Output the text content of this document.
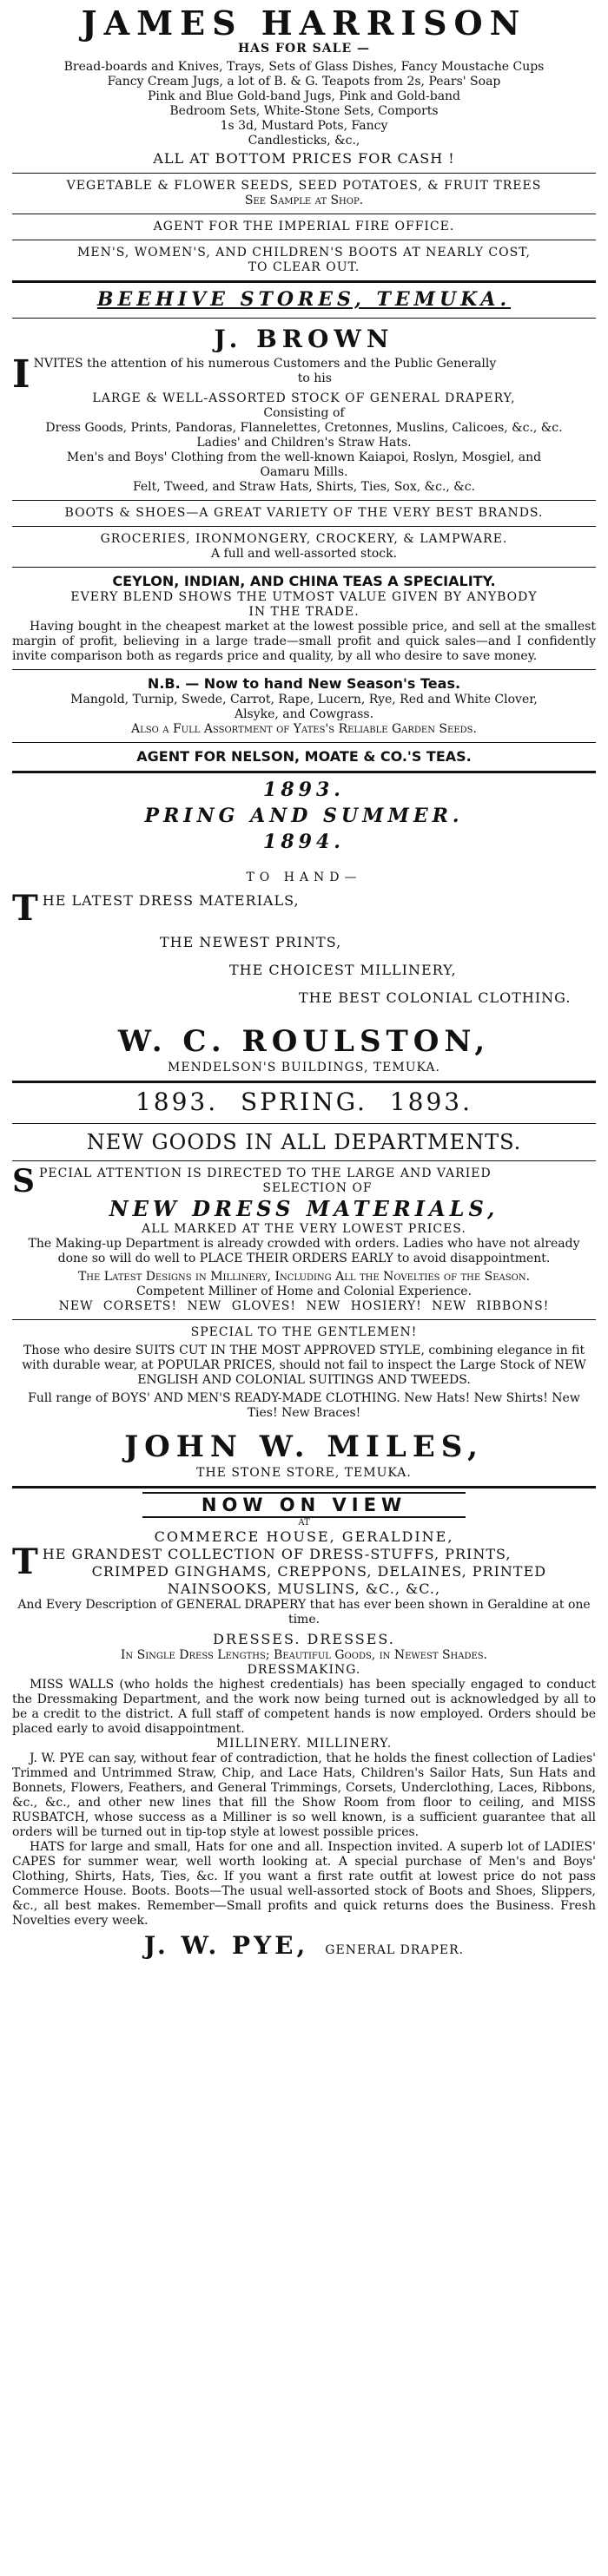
JAMES HARRISON
HAS FOR SALE —
Bread-boards and Knives, Trays, Sets of Glass Dishes, Fancy Moustache Cups
Fancy Cream Jugs, a lot of B. & G. Teapots from 2s, Pears' Soap
Pink and Blue Gold-band Jugs, Pink and Gold-band
Bedroom Sets, White-Stone Sets, Comports
1s 3d, Mustard Pots, Fancy
Candlesticks, &c.,
ALL AT BOTTOM PRICES FOR CASH !
VEGETABLE & FLOWER SEEDS, SEED POTATOES, & FRUIT TREES
See Sample at Shop.
AGENT FOR THE IMPERIAL FIRE OFFICE.
MEN'S, WOMEN'S, AND CHILDREN'S BOOTS AT NEARLY COST,
TO CLEAR OUT.
BEEHIVE STORES, TEMUKA.
J. BROWN
I NVITES the attention of his numerous Customers and the Public Generally
to his
LARGE & WELL-ASSORTED STOCK OF GENERAL DRAPERY,
Consisting of
Dress Goods, Prints, Pandoras, Flannelettes, Cretonnes, Muslins, Calicoes, &c., &c.
Ladies' and Children's Straw Hats.
Men's and Boys' Clothing from the well-known Kaiapoi, Roslyn, Mosgiel, and
Oamaru Mills.
Felt, Tweed, and Straw Hats, Shirts, Ties, Sox, &c., &c.
BOOTS & SHOES—A GREAT VARIETY OF THE VERY BEST BRANDS.
GROCERIES, IRONMONGERY, CROCKERY, & LAMPWARE.
A full and well-assorted stock.
CEYLON, INDIAN, AND CHINA TEAS A SPECIALITY.
EVERY BLEND SHOWS THE UTMOST VALUE GIVEN BY ANYBODY
IN THE TRADE.
Having bought in the cheapest market at the lowest possible price, and sell at the smallest margin of profit, believing in a large trade—small profit and quick sales—and I confidently invite comparison both as regards price and quality, by all who desire to save money.
N.B. — Now to hand New Season's Teas.
Mangold, Turnip, Swede, Carrot, Rape, Lucern, Rye, Red and White Clover,
Alsyke, and Cowgrass.
Also a Full Assortment of Yates's Reliable Garden Seeds.
AGENT FOR NELSON, MOATE & CO.'S TEAS.
1893.
PRING AND SUMMER.
1894.
TO HAND—
T HE LATEST DRESS MATERIALS,
THE NEWEST PRINTS,
THE CHOICEST MILLINERY,
THE BEST COLONIAL CLOTHING.
W. C. ROULSTON,
MENDELSON'S BUILDINGS, TEMUKA.
1893. SPRING. 1893.
NEW GOODS IN ALL DEPARTMENTS.
S PECIAL ATTENTION IS DIRECTED TO THE LARGE AND VARIED
SELECTION OF
NEW DRESS MATERIALS,
ALL MARKED AT THE VERY LOWEST PRICES.
The Making-up Department is already crowded with orders. Ladies who have not already done so will do well to PLACE THEIR ORDERS EARLY to avoid disappointment.
The Latest Designs in Millinery, Including All the Novelties of the Season.
Competent Milliner of Home and Colonial Experience.
NEW CORSETS! NEW GLOVES! NEW HOSIERY! NEW RIBBONS!
SPECIAL TO THE GENTLEMEN!
Those who desire SUITS CUT IN THE MOST APPROVED STYLE, combining elegance in fit with durable wear, at POPULAR PRICES, should not fail to inspect the Large Stock of NEW ENGLISH AND COLONIAL SUITINGS AND TWEEDS.
Full range of BOYS' AND MEN'S READY-MADE CLOTHING. New Hats! New Shirts! New Ties! New Braces!
JOHN W. MILES,
THE STONE STORE, TEMUKA.
NOW ON VIEW
AT
COMMERCE HOUSE, GERALDINE,
T HE GRANDEST COLLECTION OF DRESS-STUFFS, PRINTS,
CRIMPED GINGHAMS, CREPPONS, DELAINES, PRINTED
NAINSOOKS, MUSLINS, &C., &C.,
And Every Description of GENERAL DRAPERY that has ever been shown in Geraldine at one time.
DRESSES. DRESSES.
In Single Dress Lengths; Beautiful Goods, in Newest Shades.
DRESSMAKING.
MISS WALLS (who holds the highest credentials) has been specially engaged to conduct the Dressmaking Department, and the work now being turned out is acknowledged by all to be a credit to the district. A full staff of competent hands is now employed. Orders should be placed early to avoid disappointment.
MILLINERY. MILLINERY.
J. W. PYE can say, without fear of contradiction, that he holds the finest collection of Ladies' Trimmed and Untrimmed Straw, Chip, and Lace Hats, Children's Sailor Hats, Sun Hats and Bonnets, Flowers, Feathers, and General Trimmings, Corsets, Underclothing, Laces, Ribbons, &c., &c., and other new lines that fill the Show Room from floor to ceiling, and MISS RUSBATCH, whose success as a Milliner is so well known, is a sufficient guarantee that all orders will be turned out in tip-top style at lowest possible prices.
HATS for large and small, Hats for one and all. Inspection invited. A superb lot of LADIES' CAPES for summer wear, well worth looking at. A special purchase of Men's and Boys' Clothing, Shirts, Hats, Ties, &c. If you want a first rate outfit at lowest price do not pass Commerce House. Boots. Boots—The usual well-assorted stock of Boots and Shoes, Slippers, &c., all best makes. Remember—Small profits and quick returns does the Business. Fresh Novelties every week.
J. W. PYE, GENERAL DRAPER.
